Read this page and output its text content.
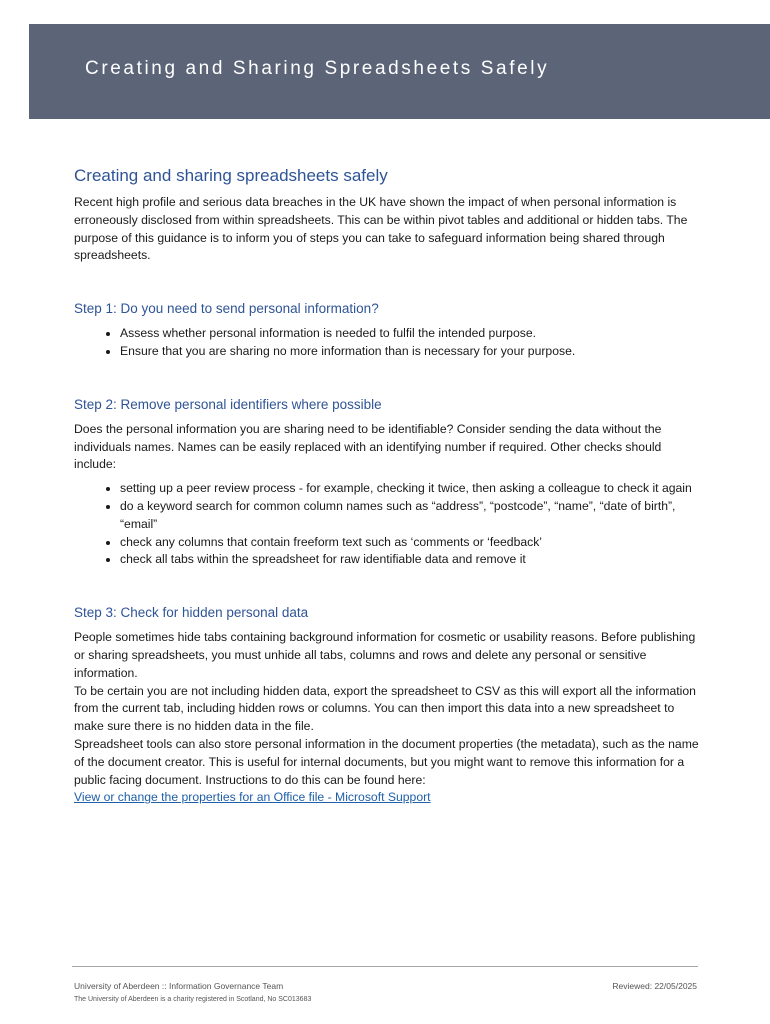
Creating and Sharing Spreadsheets Safely
Creating and sharing spreadsheets safely

Recent high profile and serious data breaches in the UK have shown the impact of when personal information is erroneously disclosed from within spreadsheets. This can be within pivot tables and additional or hidden tabs. The purpose of this guidance is to inform you of steps you can take to safeguard information being shared through spreadsheets.

Step 1: Do you need to send personal information?
• Assess whether personal information is needed to fulfil the intended purpose.
• Ensure that you are sharing no more information than is necessary for your purpose.
Step 2: Remove personal identifiers where possible

Does the personal information you are sharing need to be identifiable? Consider sending the data without the individuals names. Names can be easily replaced with an identifying number if required. Other checks should include:

• setting up a peer review process - for example, checking it twice, then asking a colleague to check it again
• do a keyword search for common column names such as “address”, “postcode”, “name”, “date of birth”, “email”
• check any columns that contain freeform text such as ‘comments or ‘feedback’
• check all tabs within the spreadsheet for raw identifiable data and remove it
Step 3: Check for hidden personal data

People sometimes hide tabs containing background information for cosmetic or usability reasons. Before publishing or sharing spreadsheets, you must unhide all tabs, columns and rows and delete any personal or sensitive information.

To be certain you are not including hidden data, export the spreadsheet to CSV as this will export all the information from the current tab, including hidden rows or columns. You can then import this data into a new spreadsheet to make sure there is no hidden data in the file.

Spreadsheet tools can also store personal information in the document properties (the metadata), such as the name of the document creator. This is useful for internal documents, but you might want to remove this information for a public facing document. Instructions to do this can be found here:

View or change the properties for an Office file - Microsoft Support

University of Aberdeen :: Information Governance Team	Reviewed: 22/05/2025
The University of Aberdeen is a charity registered in Scotland, No SC013683
